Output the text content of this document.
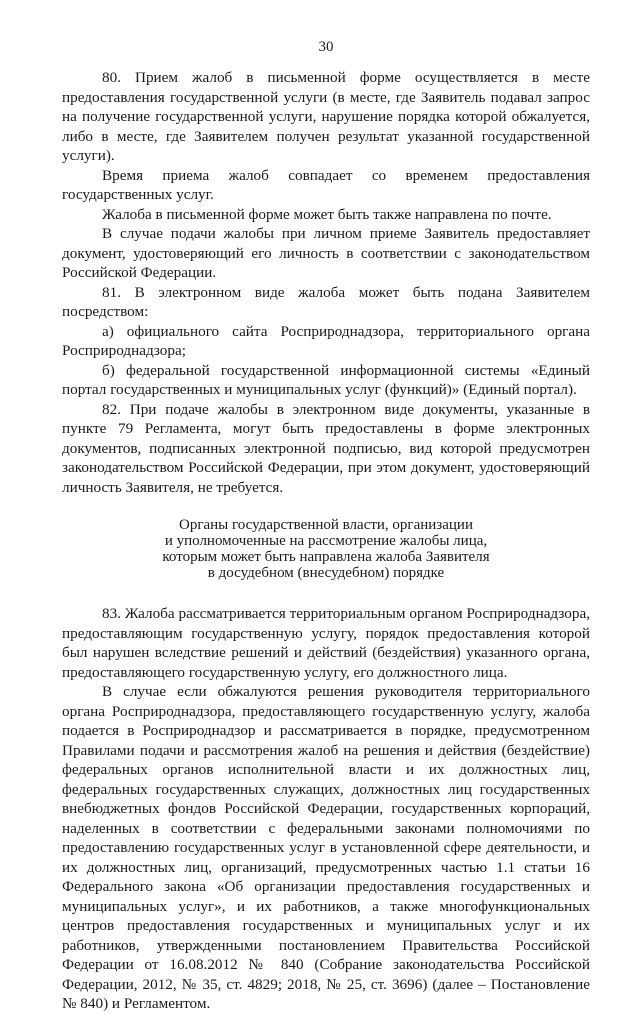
30

80. Прием жалоб в письменной форме осуществляется в месте предоставления государственной услуги (в месте, где Заявитель подавал запрос на получение государственной услуги, нарушение порядка которой обжалуется, либо в месте, где Заявителем получен результат указанной государственной услуги).

Время приема жалоб совпадает со временем предоставления государственных услуг.

Жалоба в письменной форме может быть также направлена по почте.

В случае подачи жалобы при личном приеме Заявитель предоставляет документ, удостоверяющий его личность в соответствии с законодательством Российской Федерации.

81. В электронном виде жалоба может быть подана Заявителем посредством:

а) официального сайта Росприроднадзора, территориального органа Росприроднадзора;

б) федеральной государственной информационной системы «Единый портал государственных и муниципальных услуг (функций)» (Единый портал).

82. При подаче жалобы в электронном виде документы, указанные в пункте 79 Регламента, могут быть предоставлены в форме электронных документов, подписанных электронной подписью, вид которой предусмотрен законодательством Российской Федерации, при этом документ, удостоверяющий личность Заявителя, не требуется.

Органы государственной власти, организации
и уполномоченные на рассмотрение жалобы лица,
которым может быть направлена жалоба Заявителя
в досудебном (внесудебном) порядке

83. Жалоба рассматривается территориальным органом Росприроднадзора, предоставляющим государственную услугу, порядок предоставления которой был нарушен вследствие решений и действий (бездействия) указанного органа, предоставляющего государственную услугу, его должностного лица.

В случае если обжалуются решения руководителя территориального органа Росприроднадзора, предоставляющего государственную услугу, жалоба подается в Росприроднадзор и рассматривается в порядке, предусмотренном Правилами подачи и рассмотрения жалоб на решения и действия (бездействие) федеральных органов исполнительной власти и их должностных лиц, федеральных государственных служащих, должностных лиц государственных внебюджетных фондов Российской Федерации, государственных корпораций, наделенных в соответствии с федеральными законами полномочиями по предоставлению государственных услуг в установленной сфере деятельности, и их должностных лиц, организаций, предусмотренных частью 1.1 статьи 16 Федерального закона «Об организации предоставления государственных и муниципальных услуг», и их работников, а также многофункциональных центров предоставления государственных и муниципальных услуг и их работников, утвержденными постановлением Правительства Российской Федерации от 16.08.2012 № 840 (Собрание законодательства Российской Федерации, 2012, № 35, ст. 4829; 2018, № 25, ст. 3696) (далее – Постановление № 840) и Регламентом.
